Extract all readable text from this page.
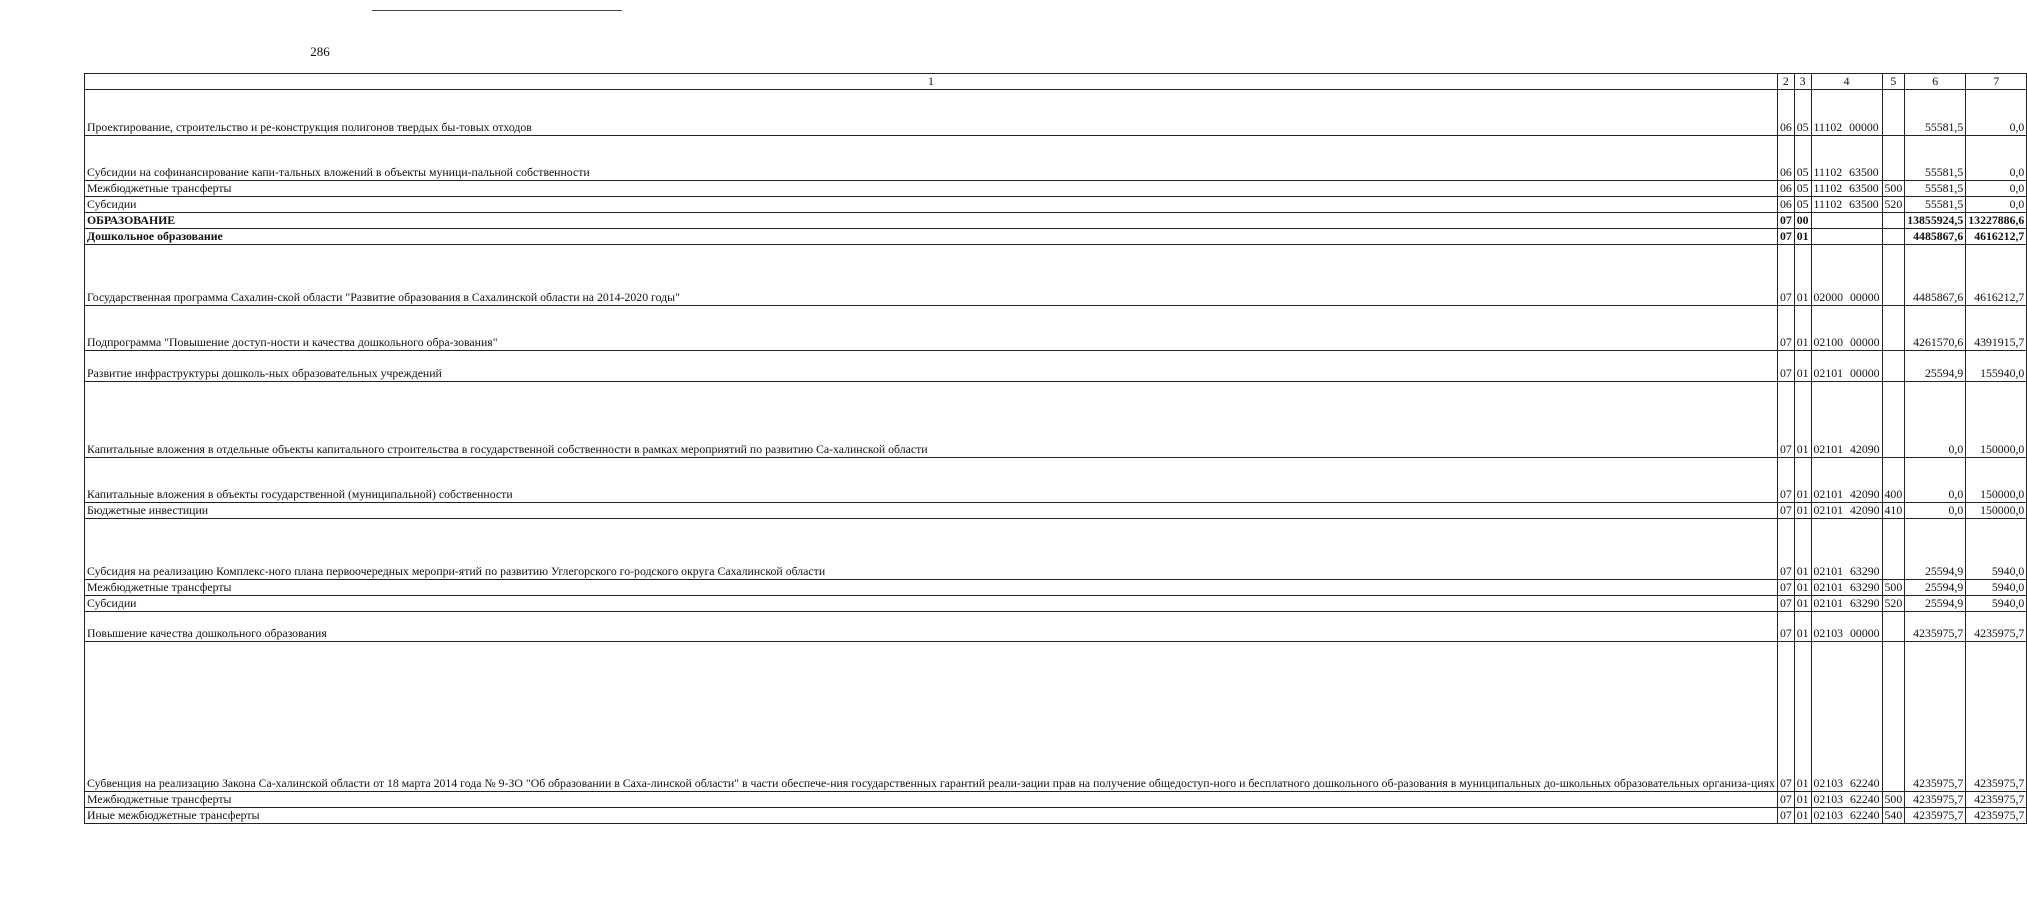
286
1	2	3	4	5	6	7
Проектирование, строительство и ре-конструкция полигонов твердых бы-товых отходов	06	05	11102 00000		55581,5	0,0
Субсидии на софинансирование капи-тальных вложений в объекты муници-пальной собственности	06	05	11102 63500		55581,5	0,0
Межбюджетные трансферты	06	05	11102 63500	500	55581,5	0,0
Субсидии	06	05	11102 63500	520	55581,5	0,0
ОБРАЗОВАНИЕ	07	00			13855924,5	13227886,6
Дошкольное образование	07	01			4485867,6	4616212,7
Государственная программа Сахалин-ской области "Развитие образования в Сахалинской области на 2014-2020 годы"	07	01	02000 00000		4485867,6	4616212,7
Подпрограмма "Повышение доступ-ности и качества дошкольного обра-зования"	07	01	02100 00000		4261570,6	4391915,7
Развитие инфраструктуры дошколь-ных образовательных учреждений	07	01	02101 00000		25594,9	155940,0
Капитальные вложения в отдельные объекты капитального строительства в государственной собственности в рамках мероприятий по развитию Са-халинской области	07	01	02101 42090		0,0	150000,0
Капитальные вложения в объекты государственной (муниципальной) собственности	07	01	02101 42090	400	0,0	150000,0
Бюджетные инвестиции	07	01	02101 42090	410	0,0	150000,0
Субсидия на реализацию Комплекс-ного плана первоочередных меропри-ятий по развитию Углегорского го-родского округа Сахалинской области	07	01	02101 63290		25594,9	5940,0
Межбюджетные трансферты	07	01	02101 63290	500	25594,9	5940,0
Субсидии	07	01	02101 63290	520	25594,9	5940,0
Повышение качества дошкольного образования	07	01	02103 00000		4235975,7	4235975,7
Субвенция на реализацию Закона Са-халинской области от 18 марта 2014 года № 9-ЗО "Об образовании в Саха-линской области" в части обеспече-ния государственных гарантий реали-зации прав на получение общедоступ-ного и бесплатного дошкольного об-разования в муниципальных до-школьных образовательных организа-циях	07	01	02103 62240		4235975,7	4235975,7
Межбюджетные трансферты	07	01	02103 62240	500	4235975,7	4235975,7
Иные межбюджетные трансферты	07	01	02103 62240	540	4235975,7	4235975,7
